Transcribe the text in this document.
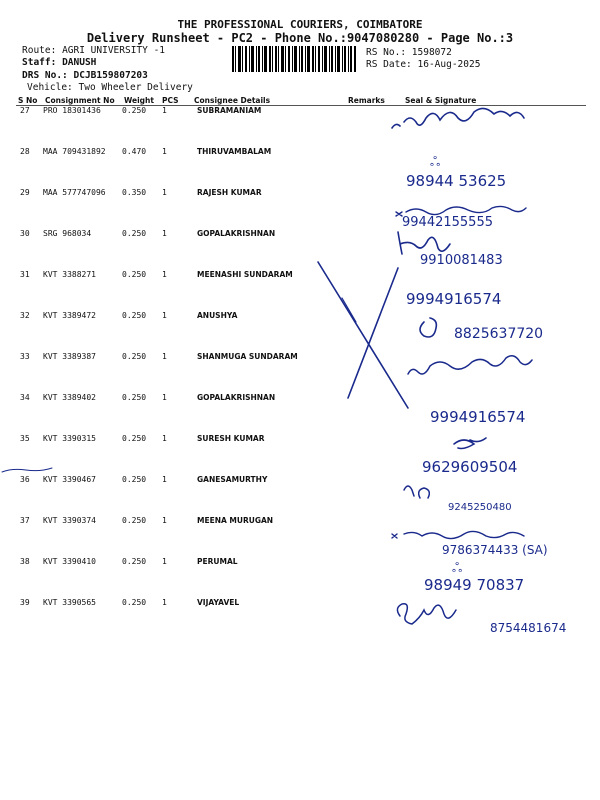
THE PROFESSIONAL COURIERS, COIMBATORE
Delivery Runsheet - PC2 - Phone No.:9047080280 - Page No.:3
Route: AGRI UNIVERSITY -1
Staff: DANUSH
DRS No.: DCJB159807203
Vehicle: Two Wheeler Delivery
RS No.: 1598072
RS Date: 16-Aug-2025
S No Consignment No Weight PCS Consignee Details	Remarks	Seal & Signature
27 PRO 18301436	0.250 1	SUBRAMANIAM
28 MAA 709431892 0.470 1	THIRUVAMBALAM
29 MAA 577747096 0.350 1	RAJESH KUMAR
30 SRG 968034	0.250 1	GOPALAKRISHNAN
31 KVT 3388271	0.250 1	MEENASHI SUNDARAM
32 KVT 3389472	0.250 1	ANUSHYA
33 KVT 3389387	0.250 1	SHANMUGA SUNDARAM
34 KVT 3389402	0.250 1	GOPALAKRISHNAN
35 KVT 3390315	0.250 1	SURESH KUMAR
36 KVT 3390467	0.250 1	GANESAMURTHY
37 KVT 3390374	0.250 1	MEENA MURUGAN
38 KVT 3390410	0.250 1	PERUMAL
39 KVT 3390565	0.250 1	VIJAYAVEL
ஃ
98944 53625
99442155555
9910081483
9994916574
8825637720
9994916574
9629609504
9245250480
9786374433 (SA)
ஃ
98949 70837
8754481674
